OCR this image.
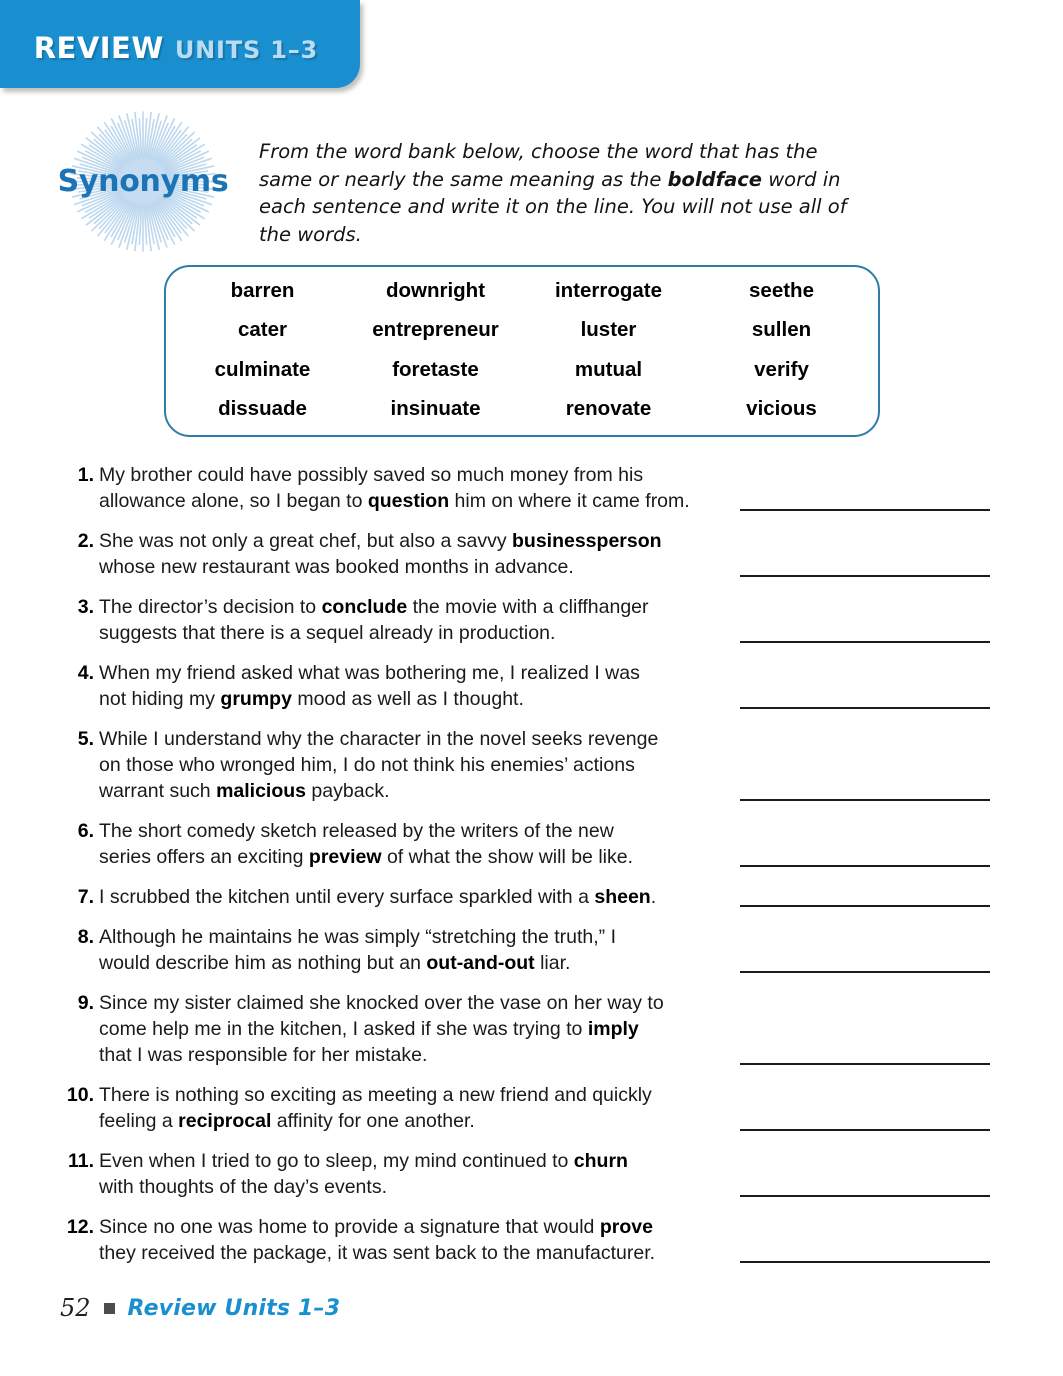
REVIEW UNITS 1–3
Synonyms
From the word bank below, choose the word that has the same or nearly the same meaning as the boldface word in each sentence and write it on the line. You will not use all of the words.
barren	downright	interrogate	seethe
cater	entrepreneur	luster	sullen
culminate	foretaste	mutual	verify
dissuade	insinuate	renovate	vicious
1. My brother could have possibly saved so much money from his
allowance alone, so I began to question him on where it came from.
2. She was not only a great chef, but also a savvy businessperson
whose new restaurant was booked months in advance.
3. The director’s decision to conclude the movie with a cliffhanger
suggests that there is a sequel already in production.
4. When my friend asked what was bothering me, I realized I was
not hiding my grumpy mood as well as I thought.
5. While I understand why the character in the novel seeks revenge
on those who wronged him, I do not think his enemies’ actions
warrant such malicious payback.
6. The short comedy sketch released by the writers of the new
series offers an exciting preview of what the show will be like.
7. I scrubbed the kitchen until every surface sparkled with a sheen.
8. Although he maintains he was simply “stretching the truth,” I
would describe him as nothing but an out-and-out liar.
9. Since my sister claimed she knocked over the vase on her way to
come help me in the kitchen, I asked if she was trying to imply
that I was responsible for her mistake.
10. There is nothing so exciting as meeting a new friend and quickly
feeling a reciprocal affinity for one another.
11. Even when I tried to go to sleep, my mind continued to churn
with thoughts of the day’s events.
12. Since no one was home to provide a signature that would prove
they received the package, it was sent back to the manufacturer.
52 Review Units 1–3
